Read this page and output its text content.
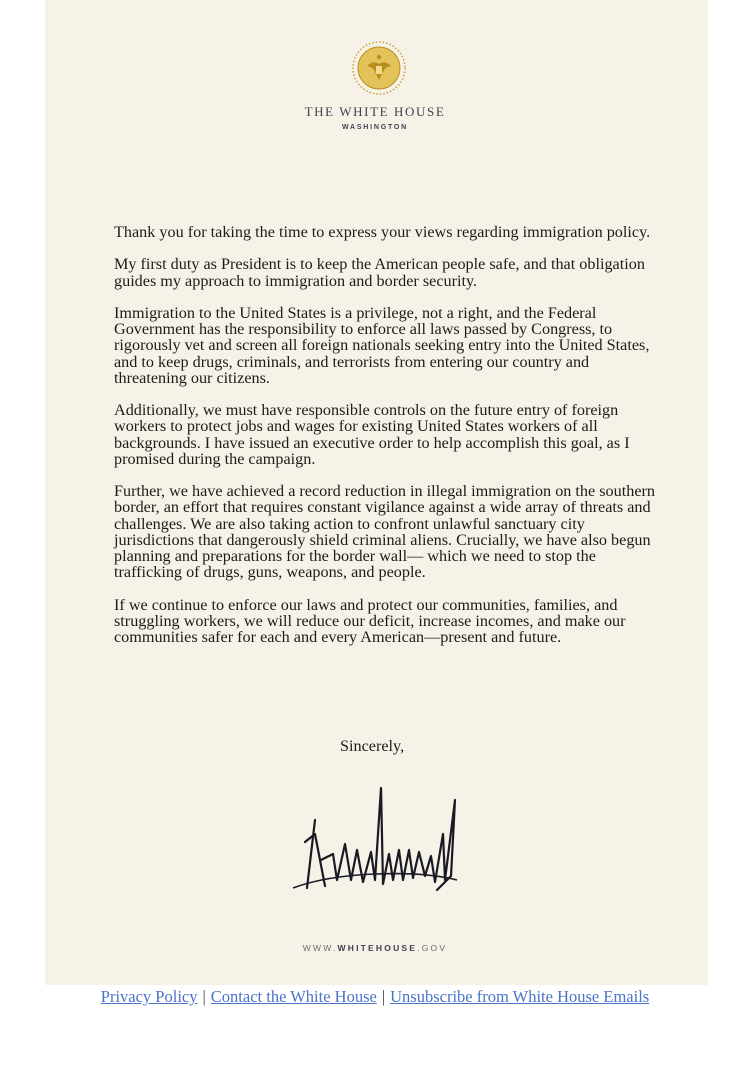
THE WHITE HOUSE
WASHINGTON

Thank you for taking the time to express your views regarding immigration policy.

My first duty as President is to keep the American people safe, and that obligation guides my approach to immigration and border security.

Immigration to the United States is a privilege, not a right, and the Federal Government has the responsibility to enforce all laws passed by Congress, to rigorously vet and screen all foreign nationals seeking entry into the United States, and to keep drugs, criminals, and terrorists from entering our country and threatening our citizens.

Additionally, we must have responsible controls on the future entry of foreign workers to protect jobs and wages for existing United States workers of all backgrounds. I have issued an executive order to help accomplish this goal, as I promised during the campaign.

Further, we have achieved a record reduction in illegal immigration on the southern border, an effort that requires constant vigilance against a wide array of threats and challenges. We are also taking action to confront unlawful sanctuary city jurisdictions that dangerously shield criminal aliens. Crucially, we have also begun planning and preparations for the border wall— which we need to stop the trafficking of drugs, guns, weapons, and people.

If we continue to enforce our laws and protect our communities, families, and struggling workers, we will reduce our deficit, increase incomes, and make our communities safer for each and every American—present and future.

Sincerely,
WWW.WHITEHOUSE.GOV
Privacy Policy | Contact the White House | Unsubscribe from White House Emails
